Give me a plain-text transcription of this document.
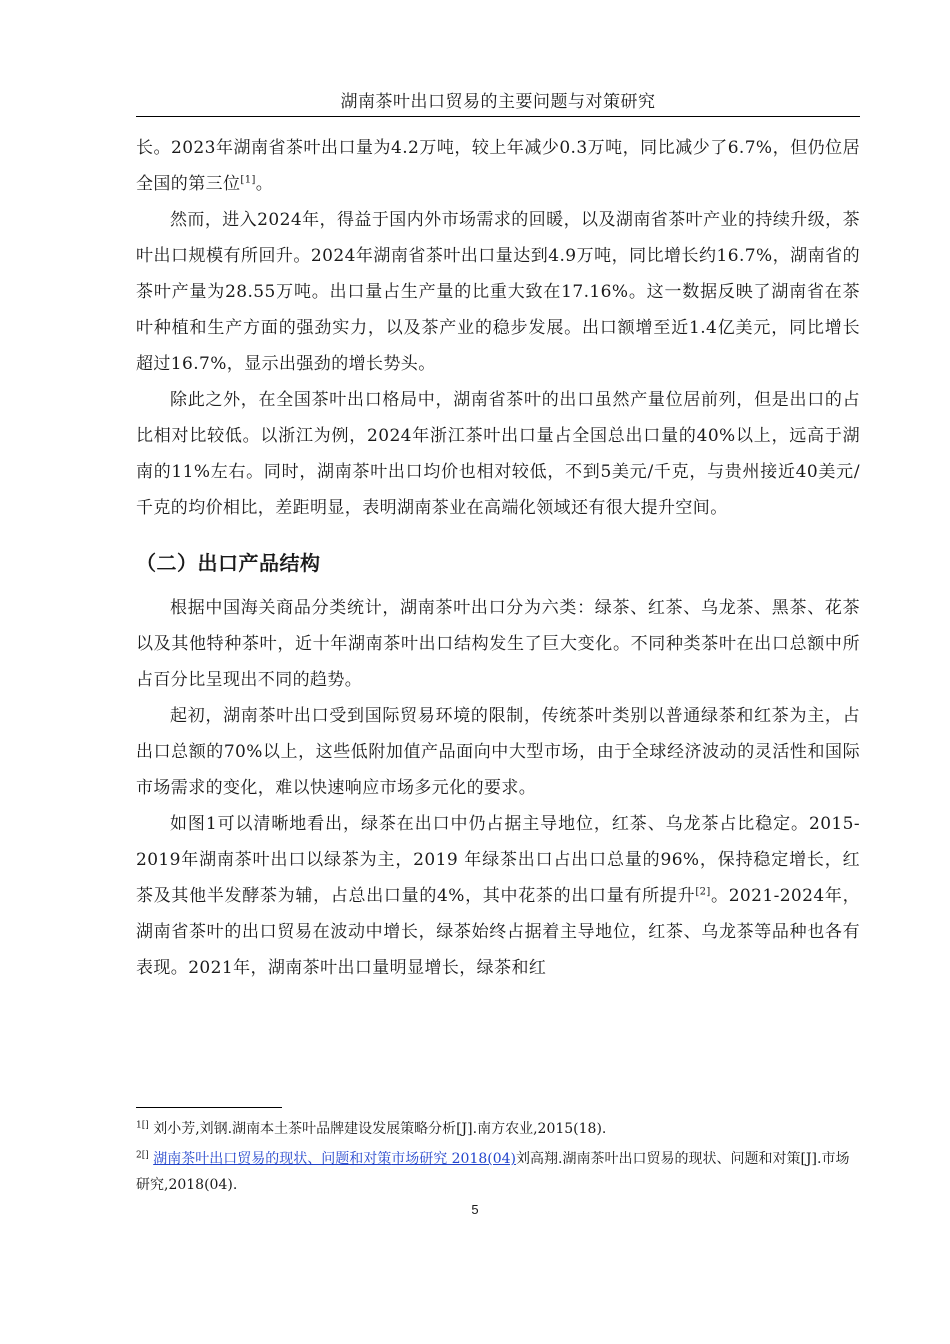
湖南茶叶出口贸易的主要问题与对策研究

长。2023年湖南省茶叶出口量为4.2万吨，较上年减少0.3万吨，同比减少了6.7%，但仍位居全国的第三位[1]。

然而，进入2024年，得益于国内外市场需求的回暖，以及湖南省茶叶产业的持续升级，茶叶出口规模有所回升。2024年湖南省茶叶出口量达到4.9万吨，同比增长约16.7%，湖南省的茶叶产量为28.55万吨。出口量占生产量的比重大致在17.16%。这一数据反映了湖南省在茶叶种植和生产方面的强劲实力，以及茶产业的稳步发展。出口额增至近1.4亿美元，同比增长超过16.7%，显示出强劲的增长势头。

除此之外，在全国茶叶出口格局中，湖南省茶叶的出口虽然产量位居前列，但是出口的占比相对比较低。以浙江为例，2024年浙江茶叶出口量占全国总出口量的40%以上，远高于湖南的11%左右。同时，湖南茶叶出口均价也相对较低，不到5美元/千克，与贵州接近40美元/千克的均价相比，差距明显，表明湖南茶业在高端化领域还有很大提升空间。

（二）出口产品结构

根据中国海关商品分类统计，湖南茶叶出口分为六类：绿茶、红茶、乌龙茶、黑茶、花茶以及其他特种茶叶，近十年湖南茶叶出口结构发生了巨大变化。不同种类茶叶在出口总额中所占百分比呈现出不同的趋势。

起初，湖南茶叶出口受到国际贸易环境的限制，传统茶叶类别以普通绿茶和红茶为主，占出口总额的70%以上，这些低附加值产品面向中大型市场，由于全球经济波动的灵活性和国际市场需求的变化，难以快速响应市场多元化的要求。

如图1可以清晰地看出，绿茶在出口中仍占据主导地位，红茶、乌龙茶占比稳定。2015-2019年湖南茶叶出口以绿茶为主，2019 年绿茶出口占出口总量的96%，保持稳定增长，红茶及其他半发酵茶为辅，占总出口量的4%，其中花茶的出口量有所提升[2]。2021-2024年，湖南省茶叶的出口贸易在波动中增长，绿茶始终占据着主导地位，红茶、乌龙茶等品种也各有表现。2021年，湖南茶叶出口量明显增长，绿茶和红

$^{1[]}$ 刘小芳,刘钢.湖南本土茶叶品牌建设发展策略分析[J].南方农业,2015(18).

$^{2[]}$ 湖南茶叶出口贸易的现状、问题和对策市场研究 2018(04)刘高翔.湖南茶叶出口贸易的现状、问题和对策[J].市场研究,2018(04).

5
